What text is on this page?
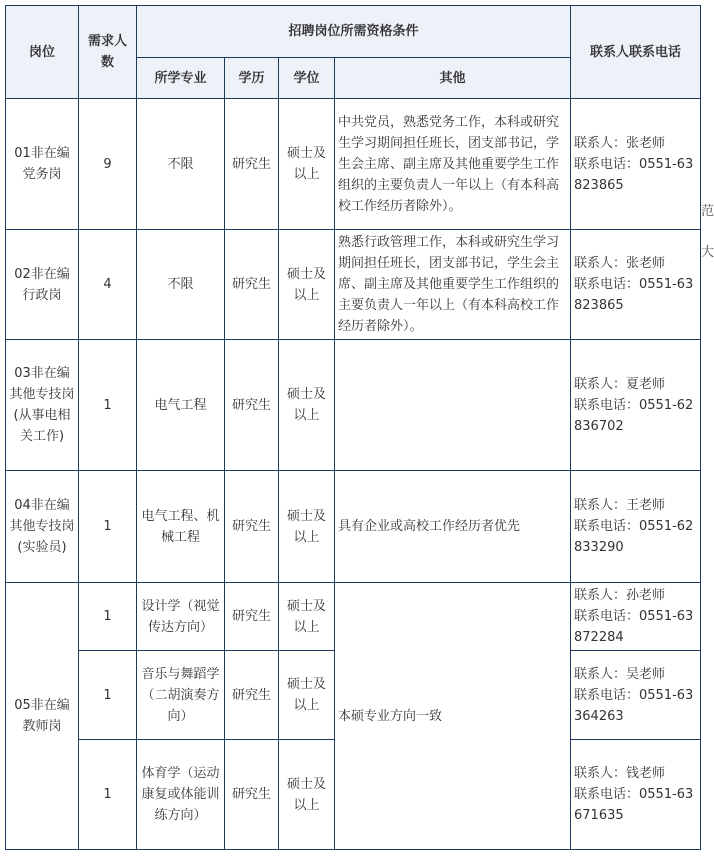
岗位	需求人数	招聘岗位所需资格条件				联系人联系电话
		所学专业	学历	学位	其他	
01非在编党务岗	9	不限	研究生	硕士及以上	中共党员，熟悉党务工作，本科或研究生学习期间担任班长，团支部书记，学生会主席、副主席及其他重要学生工作组织的主要负责人一年以上（有本科高校工作经历者除外）。	联系人：张老师
联系电话：0551-63823865

02非在编行政岗	4	不限	研究生	硕士及以上	熟悉行政管理工作，本科或研究生学习期间担任班长，团支部书记，学生会主席、副主席及其他重要学生工作组织的主要负责人一年以上（有本科高校工作经历者除外）。	联系人：张老师
联系电话：0551-63823865

03非在编其他专技岗(从事电相关工作)	1	电气工程	研究生	硕士及以上		联系人：夏老师
联系电话：0551-62836702

04非在编其他专技岗(实验员)	1	电气工程、机械工程	研究生	硕士及以上	具有企业或高校工作经历者优先	联系人：王老师
联系电话：0551-62833290

05非在编教师岗	1	设计学（视觉传达方向）	研究生	硕士及以上	本硕专业方向一致	联系人：孙老师
联系电话：0551-63872284

	1	音乐与舞蹈学（二胡演奏方向）	研究生	硕士及以上		联系人：吴老师
联系电话：0551-63364263

	1	体育学（运动康复或体能训练方向）	研究生	硕士及以上		联系人：钱老师
联系电话：0551-63671635
范
大
